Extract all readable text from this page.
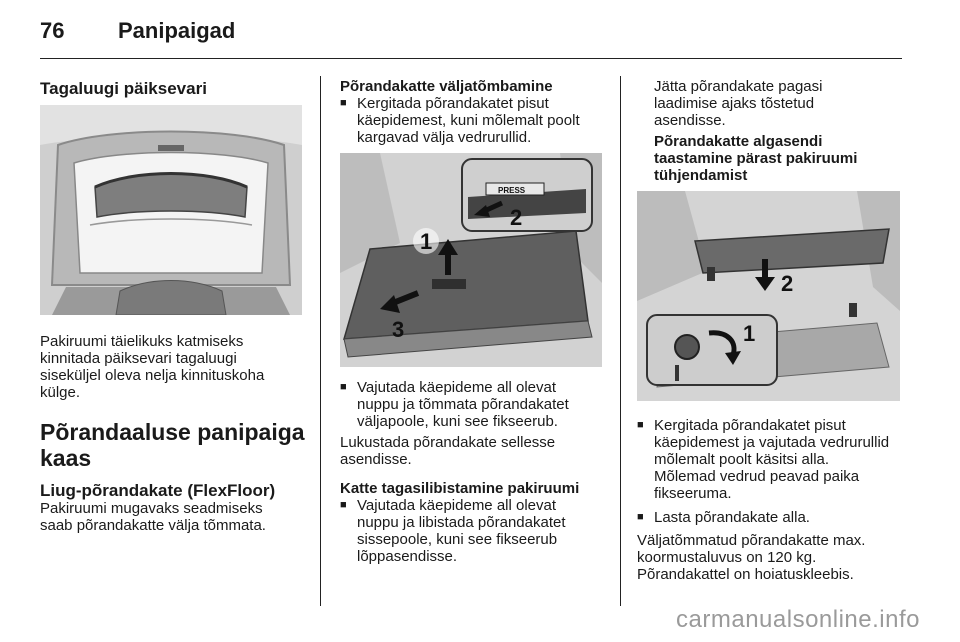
76 Panipaigad

Tagaluugi päiksevari

Pakiruumi täielikuks katmiseks
kinnitada päiksevari tagaluugi
siseküljel oleva nelja kinnituskoha
külge.

Põrandaaluse panipaiga
kaas

Liug-põrandakate (FlexFloor)

Pakiruumi mugavaks seadmiseks
saab põrandakatte välja tõmmata.

Põrandakatte väljatõmbamine

■ Kergitada põrandakatet pisut
käepidemest, kuni mõlemalt poolt
kargavad välja vedrurullid.
1
3
PRESS
2
■ Vajutada käepideme all olevat
nuppu ja tõmmata põrandakatet
väljapoole, kuni see fikseerub.

Lukustada põrandakate sellesse
asendisse.

Katte tagasilibistamine pakiruumi

■ Vajutada käepideme all olevat
nuppu ja libistada põrandakatet
sissepoole, kuni see fikseerub
lõppasendisse.

Jätta põrandakate pagasi
laadimise ajaks tõstetud
asendisse.

Põrandakatte algasendi
taastamine pärast pakiruumi
tühjendamist

2
1
■ Kergitada põrandakatet pisut
käepidemest ja vajutada vedrurullid
mõlemalt poolt käsitsi alla.
Mõlemad vedrud peavad paika
fikseeruma.
■ Lasta põrandakate alla.

Väljatõmmatud põrandakatte max.
koormustaluvus on 120 kg.
Põrandakattel on hoiatuskleebis.

carmanualsonline.info
